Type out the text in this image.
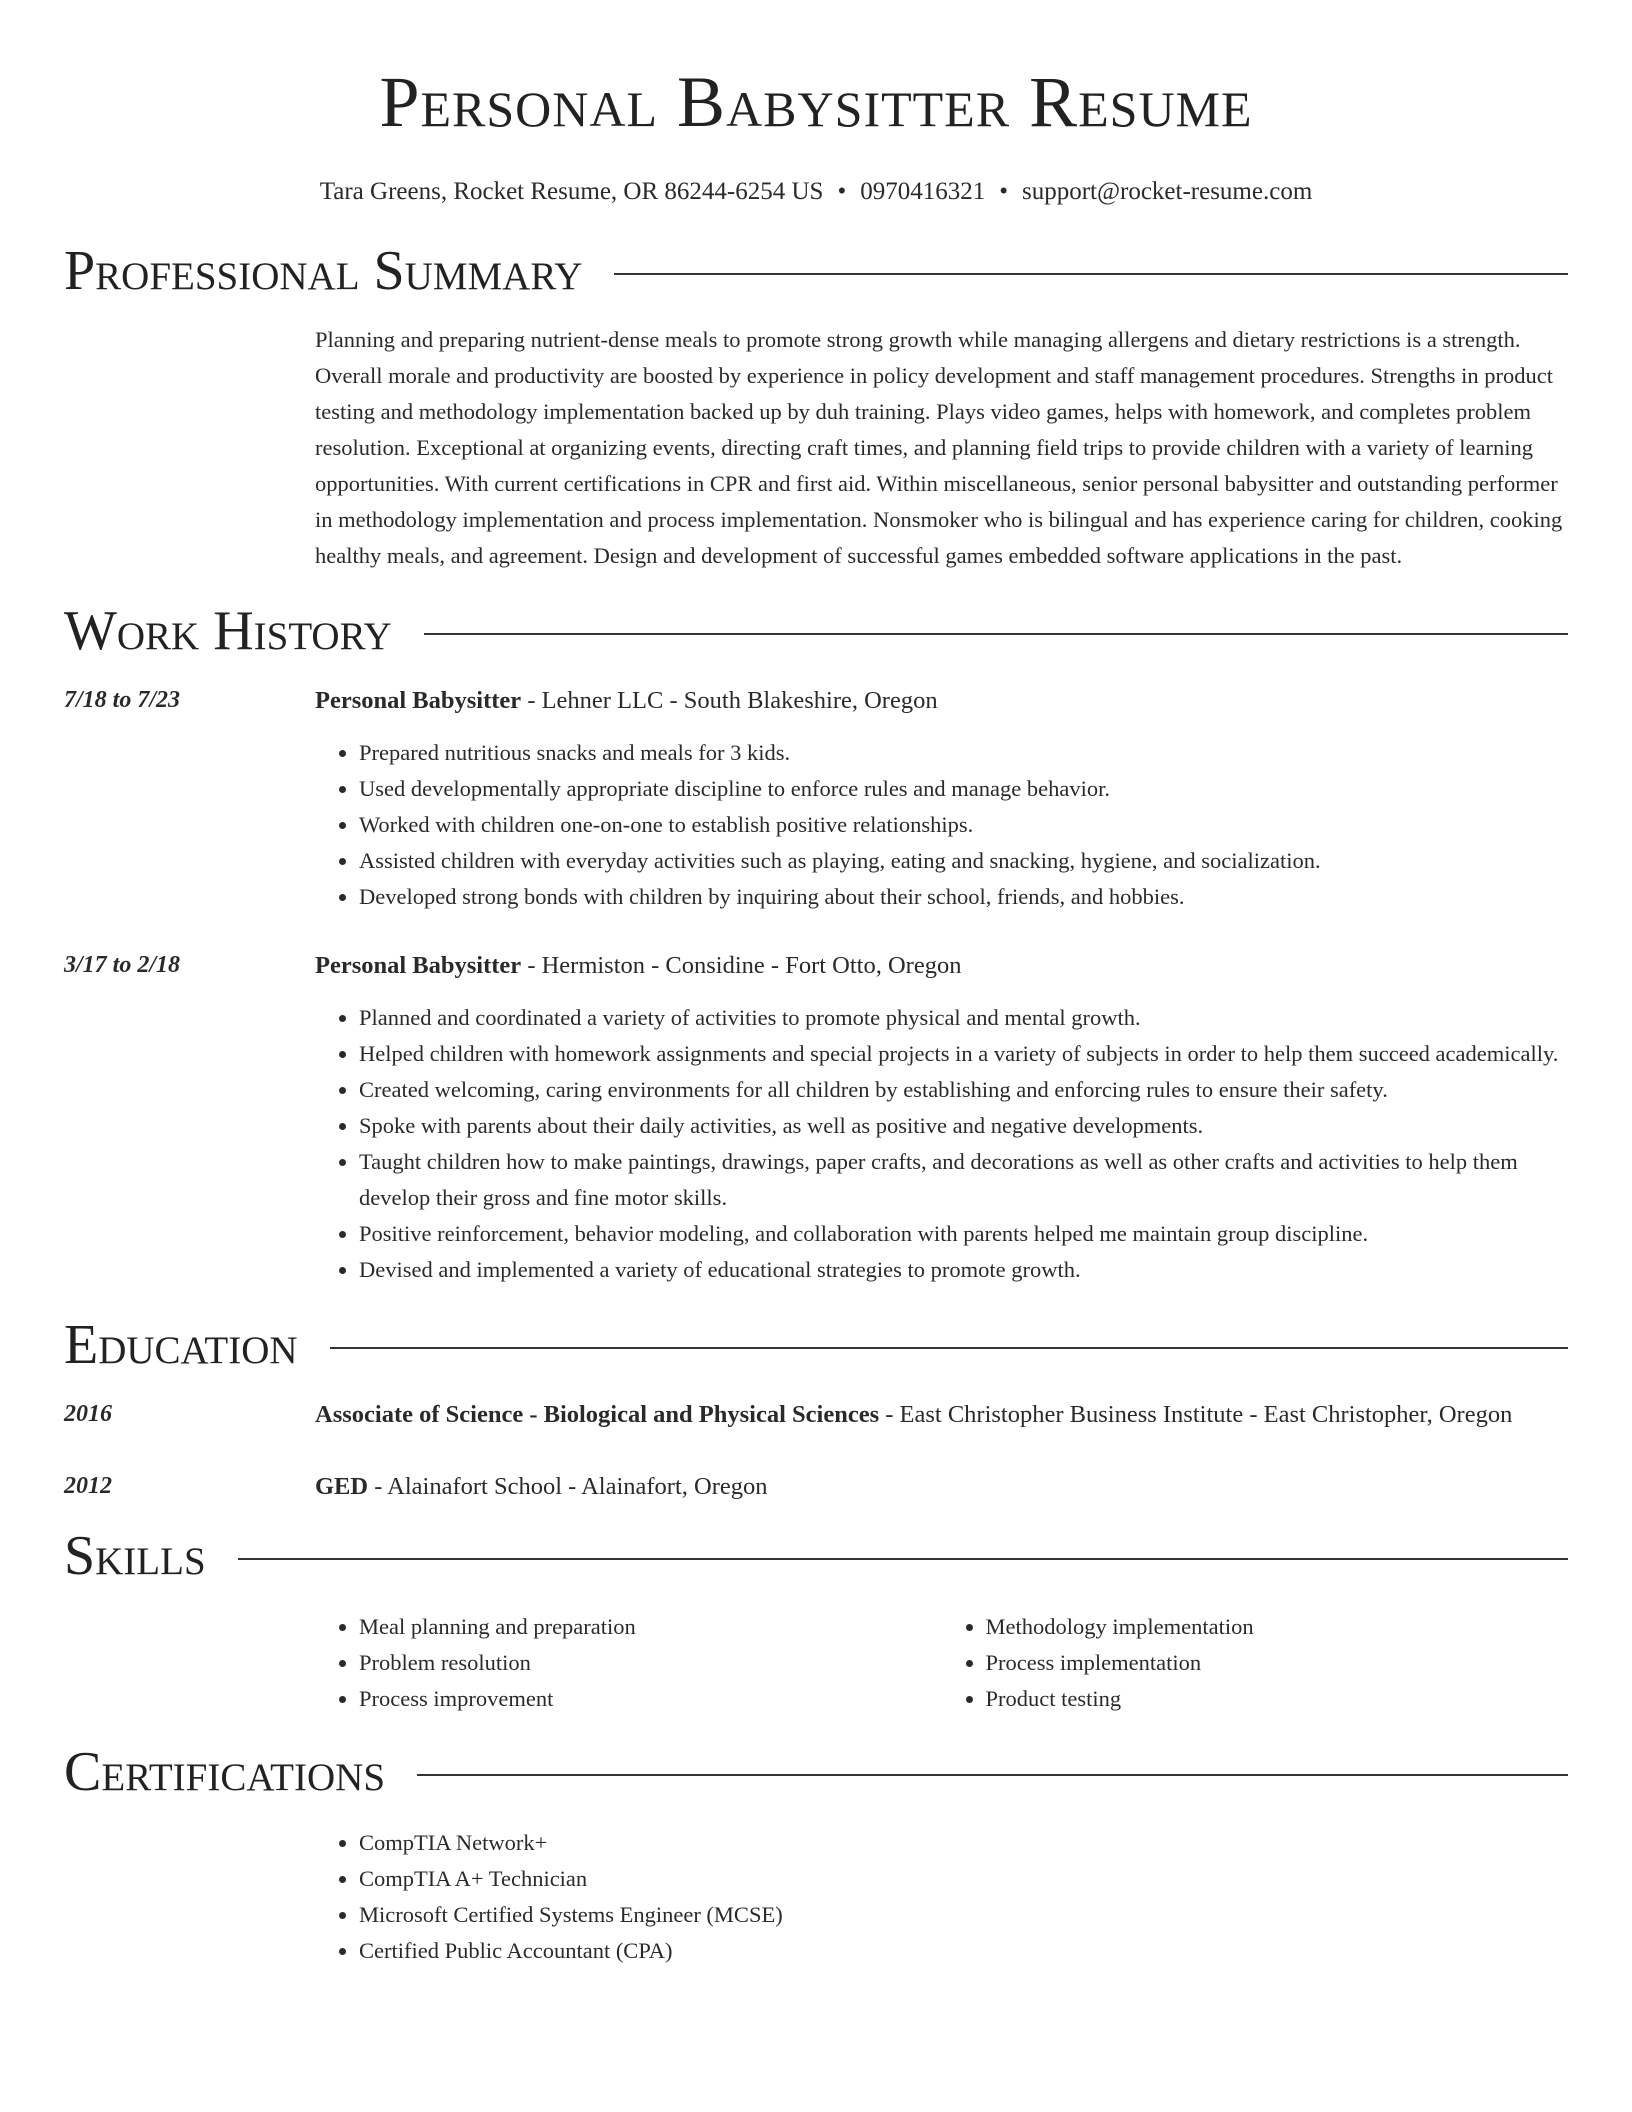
Personal Babysitter Resume
Tara Greens, Rocket Resume, OR 86244-6254 US • 0970416321 • support@rocket-resume.com
Professional Summary
Planning and preparing nutrient-dense meals to promote strong growth while managing allergens and dietary restrictions is a strength. Overall morale and productivity are boosted by experience in policy development and staff management procedures. Strengths in product testing and methodology implementation backed up by duh training. Plays video games, helps with homework, and completes problem resolution. Exceptional at organizing events, directing craft times, and planning field trips to provide children with a variety of learning opportunities. With current certifications in CPR and first aid. Within miscellaneous, senior personal babysitter and outstanding performer in methodology implementation and process implementation. Nonsmoker who is bilingual and has experience caring for children, cooking healthy meals, and agreement. Design and development of successful games embedded software applications in the past.
Work History
7/18 to 7/23	Personal Babysitter - Lehner LLC - South Blakeshire, Oregon
• Prepared nutritious snacks and meals for 3 kids.
• Used developmentally appropriate discipline to enforce rules and manage behavior.
• Worked with children one-on-one to establish positive relationships.
• Assisted children with everyday activities such as playing, eating and snacking, hygiene, and socialization.
• Developed strong bonds with children by inquiring about their school, friends, and hobbies.
3/17 to 2/18	Personal Babysitter - Hermiston - Considine - Fort Otto, Oregon
• Planned and coordinated a variety of activities to promote physical and mental growth.
• Helped children with homework assignments and special projects in a variety of subjects in order to help them succeed academically.
• Created welcoming, caring environments for all children by establishing and enforcing rules to ensure their safety.
• Spoke with parents about their daily activities, as well as positive and negative developments.
• Taught children how to make paintings, drawings, paper crafts, and decorations as well as other crafts and activities to help them develop their gross and fine motor skills.
• Positive reinforcement, behavior modeling, and collaboration with parents helped me maintain group discipline.
• Devised and implemented a variety of educational strategies to promote growth.
Education
2016	Associate of Science - Biological and Physical Sciences - East Christopher Business Institute - East Christopher, Oregon
2012	GED - Alainafort School - Alainafort, Oregon
Skills
• Meal planning and preparation
• Problem resolution
• Process improvement
• Methodology implementation
• Process implementation
• Product testing
Certifications
• CompTIA Network+
• CompTIA A+ Technician
• Microsoft Certified Systems Engineer (MCSE)
• Certified Public Accountant (CPA)
